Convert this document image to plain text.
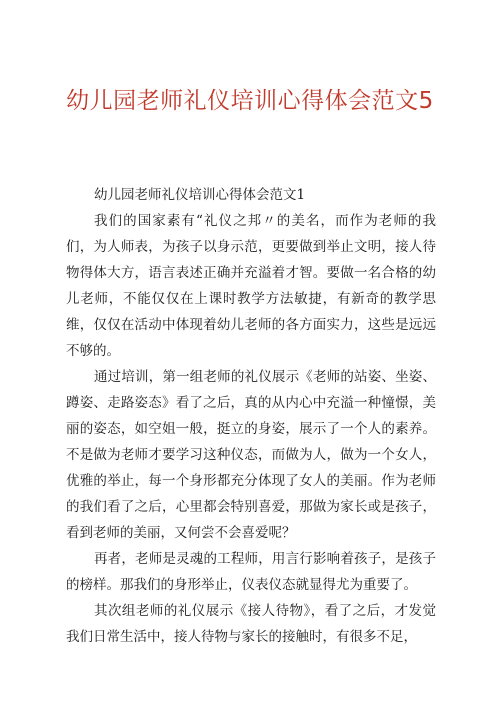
幼儿园老师礼仪培训心得体会范文5

幼儿园老师礼仪培训心得体会范文1

我们的国家素有“礼仪之邦〃的美名，而作为老师的我们，为人师表，为孩子以身示范，更要做到举止文明，接人待物得体大方，语言表述正确并充溢着才智。要做一名合格的幼儿老师，不能仅仅在上课时教学方法敏捷，有新奇的教学思维，仅仅在活动中体现着幼儿老师的各方面实力，这些是远远不够的。

通过培训，第一组老师的礼仪展示《老师的站姿、坐姿、蹲姿、走路姿态》看了之后，真的从内心中充溢一种憧憬，美丽的姿态，如空姐一般，挺立的身姿，展示了一个人的素养。不是做为老师才要学习这种仪态，而做为人，做为一个女人，优雅的举止，每一个身形都充分体现了女人的美丽。作为老师的我们看了之后，心里都会特别喜爱，那做为家长或是孩子，看到老师的美丽，又何尝不会喜爱呢？

再者，老师是灵魂的工程师，用言行影响着孩子，是孩子的榜样。那我们的身形举止，仪表仪态就显得尤为重要了。

其次组老师的礼仪展示《接人待物》，看了之后，才发觉我们日常生活中，接人待物与家长的接触时，有很多不足，
